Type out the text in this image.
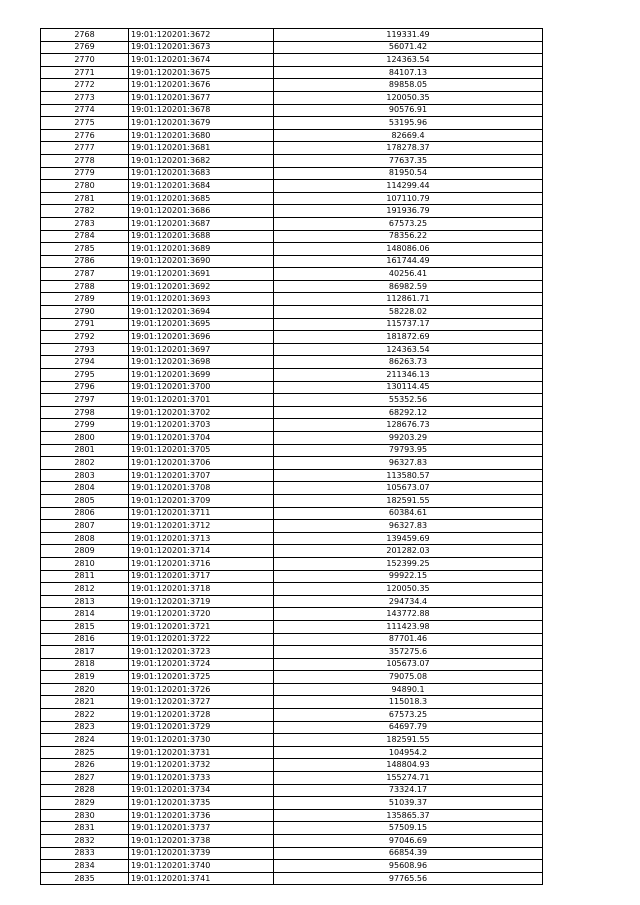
2768	19:01:120201:3672	119331.49
2769	19:01:120201:3673	56071.42
2770	19:01:120201:3674	124363.54
2771	19:01:120201:3675	84107.13
2772	19:01:120201:3676	89858.05
2773	19:01:120201:3677	120050.35
2774	19:01:120201:3678	90576.91
2775	19:01:120201:3679	53195.96
2776	19:01:120201:3680	82669.4
2777	19:01:120201:3681	178278.37
2778	19:01:120201:3682	77637.35
2779	19:01:120201:3683	81950.54
2780	19:01:120201:3684	114299.44
2781	19:01:120201:3685	107110.79
2782	19:01:120201:3686	191936.79
2783	19:01:120201:3687	67573.25
2784	19:01:120201:3688	78356.22
2785	19:01:120201:3689	148086.06
2786	19:01:120201:3690	161744.49
2787	19:01:120201:3691	40256.41
2788	19:01:120201:3692	86982.59
2789	19:01:120201:3693	112861.71
2790	19:01:120201:3694	58228.02
2791	19:01:120201:3695	115737.17
2792	19:01:120201:3696	181872.69
2793	19:01:120201:3697	124363.54
2794	19:01:120201:3698	86263.73
2795	19:01:120201:3699	211346.13
2796	19:01:120201:3700	130114.45
2797	19:01:120201:3701	55352.56
2798	19:01:120201:3702	68292.12
2799	19:01:120201:3703	128676.73
2800	19:01:120201:3704	99203.29
2801	19:01:120201:3705	79793.95
2802	19:01:120201:3706	96327.83
2803	19:01:120201:3707	113580.57
2804	19:01:120201:3708	105673.07
2805	19:01:120201:3709	182591.55
2806	19:01:120201:3711	60384.61
2807	19:01:120201:3712	96327.83
2808	19:01:120201:3713	139459.69
2809	19:01:120201:3714	201282.03
2810	19:01:120201:3716	152399.25
2811	19:01:120201:3717	99922.15
2812	19:01:120201:3718	120050.35
2813	19:01:120201:3719	294734.4
2814	19:01:120201:3720	143772.88
2815	19:01:120201:3721	111423.98
2816	19:01:120201:3722	87701.46
2817	19:01:120201:3723	357275.6
2818	19:01:120201:3724	105673.07
2819	19:01:120201:3725	79075.08
2820	19:01:120201:3726	94890.1
2821	19:01:120201:3727	115018.3
2822	19:01:120201:3728	67573.25
2823	19:01:120201:3729	64697.79
2824	19:01:120201:3730	182591.55
2825	19:01:120201:3731	104954.2
2826	19:01:120201:3732	148804.93
2827	19:01:120201:3733	155274.71
2828	19:01:120201:3734	73324.17
2829	19:01:120201:3735	51039.37
2830	19:01:120201:3736	135865.37
2831	19:01:120201:3737	57509.15
2832	19:01:120201:3738	97046.69
2833	19:01:120201:3739	66854.39
2834	19:01:120201:3740	95608.96
2835	19:01:120201:3741	97765.56
